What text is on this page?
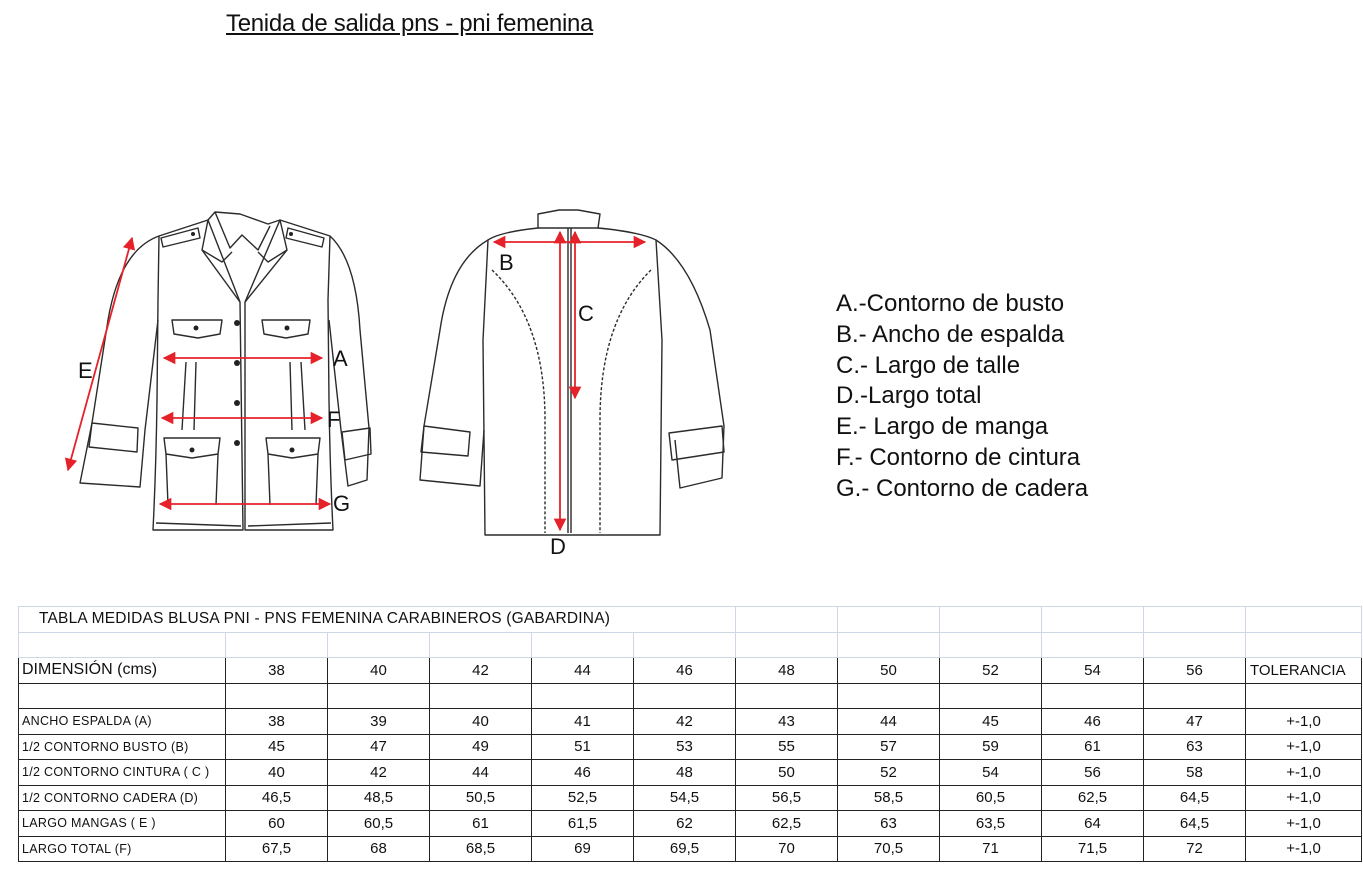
Tenida de salida pns - pni femenina
A
B
C
D
E
F
G
A.-Contorno de busto
B.- Ancho de espalda
C.- Largo de talle
D.-Largo total
E.- Largo de manga
F.- Contorno de cintura
G.- Contorno de cadera
TABLA MEDIDAS BLUSA PNI - PNS FEMENINA CARABINEROS (GABARDINA)											

DIMENSIÓN (cms)	38	40	42	44	46	48	50	52	54	56	TOLERANCIA

ANCHO ESPALDA (A)	38	39	40	41	42	43	44	45	46	47	+-1,0
1/2 CONTORNO BUSTO (B)	45	47	49	51	53	55	57	59	61	63	+-1,0
1/2 CONTORNO CINTURA ( C )	40	42	44	46	48	50	52	54	56	58	+-1,0
1/2 CONTORNO CADERA (D)	46,5	48,5	50,5	52,5	54,5	56,5	58,5	60,5	62,5	64,5	+-1,0
LARGO MANGAS ( E )	60	60,5	61	61,5	62	62,5	63	63,5	64	64,5	+-1,0
LARGO TOTAL (F)	67,5	68	68,5	69	69,5	70	70,5	71	71,5	72	+-1,0
